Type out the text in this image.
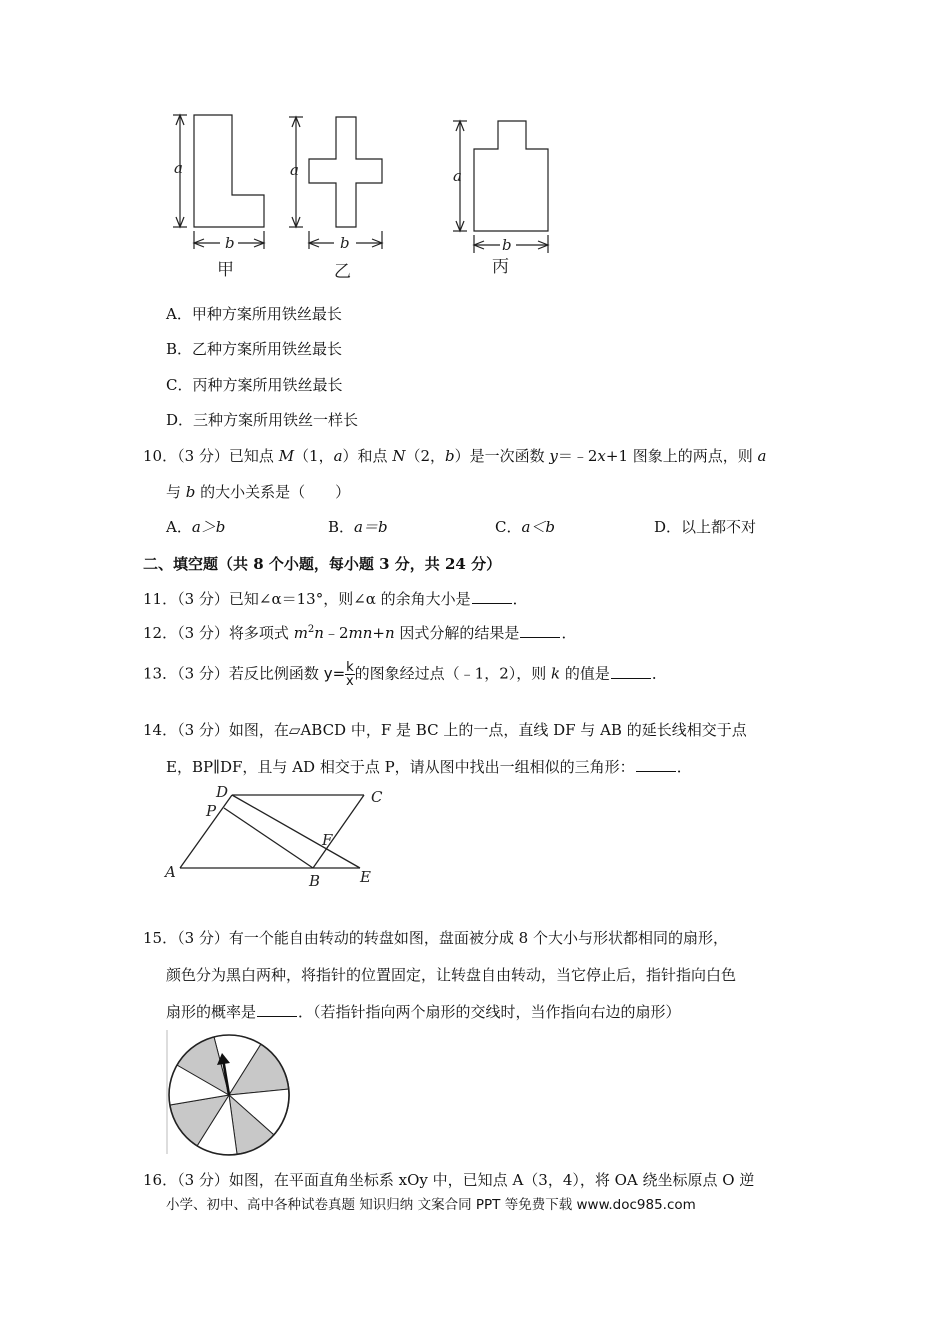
a
b
a
b
a
b
甲	乙	丙
A．甲种方案所用铁丝最长
B．乙种方案所用铁丝最长
C．丙种方案所用铁丝最长
D．三种方案所用铁丝一样长
10．（3 分）已知点 M（1，a）和点 N（2，b）是一次函数 y＝﹣2x+1 图象上的两点，则 a
与 b 的大小关系是（　　）
A．a＞b	B．a＝b	C．a＜b	D．以上都不对
二、填空题（共 8 个小题，每小题 3 分，共 24 分）
11．（3 分）已知∠α＝13°，则∠α 的余角大小是	．
12．（3 分）将多项式 $m^2n﹣2mn+n$ 因式分解的结果是	．
13．（3 分）若反比例函数 $y= \frac{k}{x}$ 的图象经过点（﹣1，2），则 k 的值是	．
14．（3 分）如图，在▱ABCD 中，F 是 BC 上的一点，直线 DF 与 AB 的延长线相交于点
E，BP∥DF，且与 AD 相交于点 P，请从图中找出一组相似的三角形：	．
D	C
P
F
A	B	E
15．（3 分）有一个能自由转动的转盘如图，盘面被分成 8 个大小与形状都相同的扇形，
颜色分为黑白两种，将指针的位置固定，让转盘自由转动，当它停止后，指针指向白色
扇形的概率是	．（若指针指向两个扇形的交线时，当作指向右边的扇形）
16．（3 分）如图，在平面直角坐标系 xOy 中，已知点 A（3，4），将 OA 绕坐标原点 O 逆
小学、初中、高中各种试卷真题 知识归纳 文案合同 PPT 等免费下载 www.doc985.com
